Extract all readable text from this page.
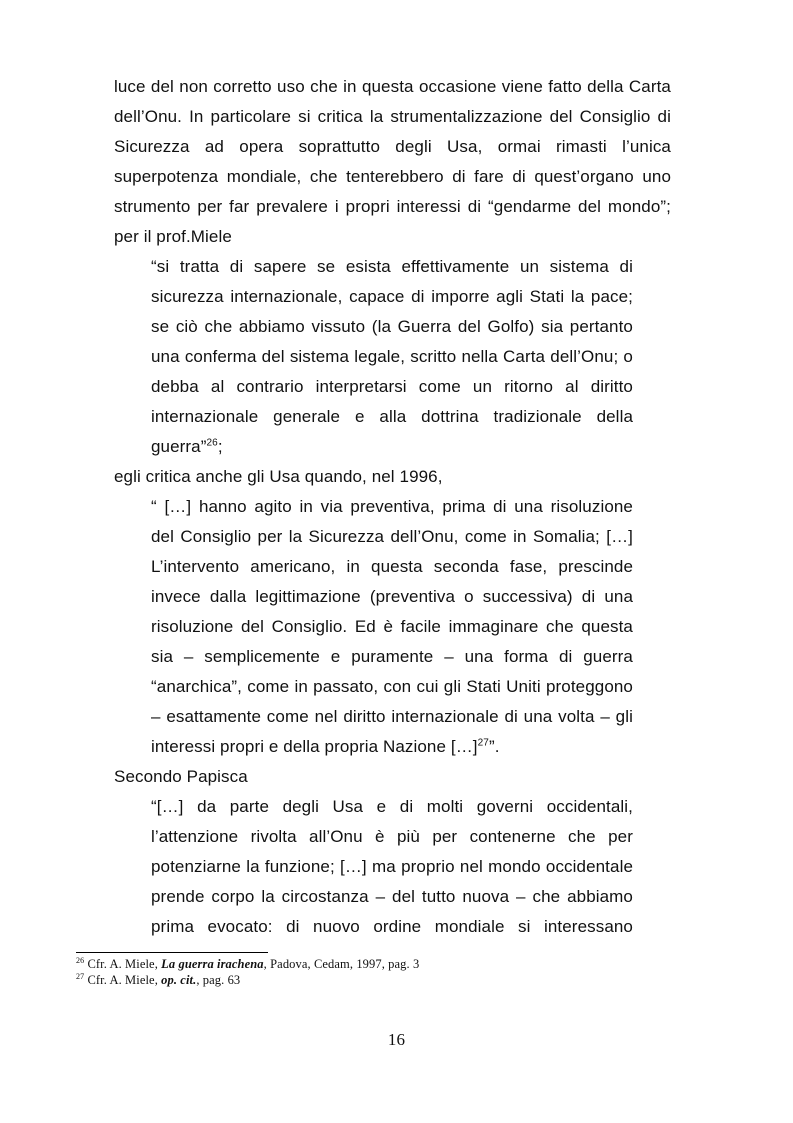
luce del non corretto uso che in questa occasione viene fatto della Carta
dell’Onu. In particolare si critica la strumentalizzazione del Consiglio di
Sicurezza ad opera soprattutto degli Usa, ormai rimasti l’unica
superpotenza mondiale, che tenterebbero di fare di quest’organo uno
strumento per far prevalere i propri interessi di “gendarme del mondo”;
per il prof.Miele
“si tratta di sapere se esista effettivamente un sistema di
sicurezza internazionale, capace di imporre agli Stati la pace;
se ciò che abbiamo vissuto (la Guerra del Golfo) sia pertanto
una conferma del sistema legale, scritto nella Carta dell’Onu; o
debba al contrario interpretarsi come un ritorno al diritto
internazionale generale e alla dottrina tradizionale della
guerra”$^{26}$;
egli critica anche gli Usa quando, nel 1996,
“ […] hanno agito in via preventiva, prima di una risoluzione
del Consiglio per la Sicurezza dell’Onu, come in Somalia; […]
L’intervento americano, in questa seconda fase, prescinde
invece dalla legittimazione (preventiva o successiva) di una
risoluzione del Consiglio. Ed è facile immaginare che questa
sia – semplicemente e puramente – una forma di guerra
“anarchica”, come in passato, con cui gli Stati Uniti proteggono
– esattamente come nel diritto internazionale di una volta – gli
interessi propri e della propria Nazione […]$^{27}$”.
Secondo Papisca
“[…] da parte degli Usa e di molti governi occidentali,
l’attenzione rivolta all’Onu è più per contenerne che per
potenziarne la funzione; […] ma proprio nel mondo occidentale
prende corpo la circostanza – del tutto nuova – che abbiamo
prima evocato: di nuovo ordine mondiale si interessano
$^{26}$ Cfr. A. Miele, La guerra irachena, Padova, Cedam, 1997, pag. 3
$^{27}$ Cfr. A. Miele, op. cit., pag. 63
16
